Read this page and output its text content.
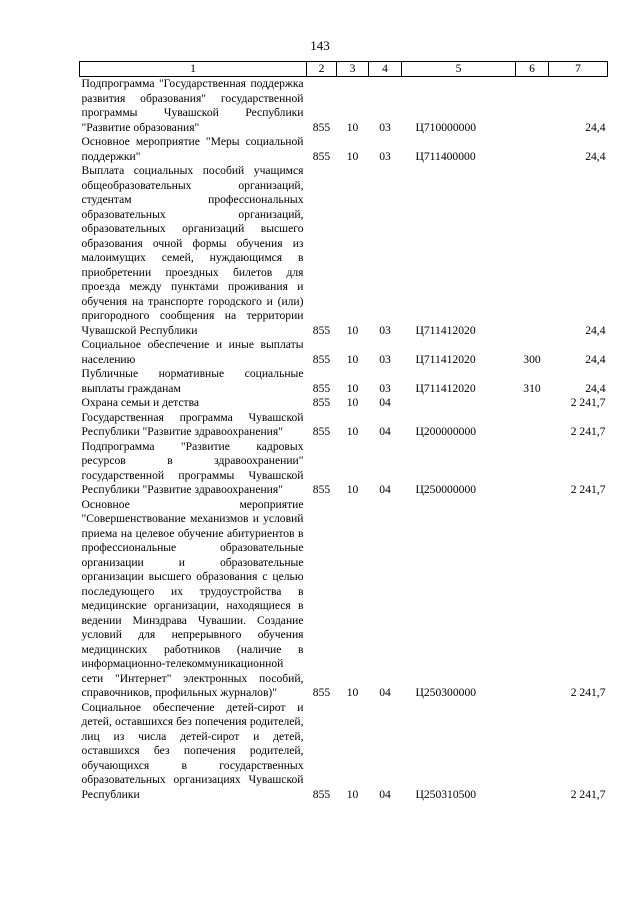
143
1	2	3	4	5	6	7
Подпрограмма "Государственная поддержка развития образования" государственной программы Чувашской Республики "Развитие образования"	855	10	03	Ц710000000		24,4
Основное мероприятие "Меры социальной поддержки"	855	10	03	Ц711400000		24,4
Выплата социальных пособий учащимся общеобразовательных организаций, студентам профессиональных образовательных организаций, образовательных организаций высшего образования очной формы обучения из малоимущих семей, нуждающимся в приобретении проездных билетов для проезда между пунктами проживания и обучения на транспорте городского и (или) пригородного сообщения на территории Чувашской Республики	855	10	03	Ц711412020		24,4
Социальное обеспечение и иные выплаты населению	855	10	03	Ц711412020	300	24,4
Публичные нормативные социальные выплаты гражданам	855	10	03	Ц711412020	310	24,4
Охрана семьи и детства	855	10	04			2 241,7
Государственная программа Чувашской Республики "Развитие здравоохранения"	855	10	04	Ц200000000		2 241,7
Подпрограмма "Развитие кадровых ресурсов в здравоохранении" государственной программы Чувашской Республики "Развитие здравоохранения"	855	10	04	Ц250000000		2 241,7
Основное мероприятие "Совершенствование механизмов и условий приема на целевое обучение абитуриентов в профессиональные образовательные организации и образовательные организации высшего образования с целью последующего их трудоустройства в медицинские организации, находящиеся в ведении Минздрава Чувашии. Создание условий для непрерывного обучения медицинских работников (наличие в информационно-телекоммуникационной сети "Интернет" электронных пособий, справочников, профильных журналов)"	855	10	04	Ц250300000		2 241,7
Социальное обеспечение детей-сирот и детей, оставшихся без попечения родителей, лиц из числа детей-сирот и детей, оставшихся без попечения родителей, обучающихся в государственных образовательных организациях Чувашской Республики	855	10	04	Ц250310500		2 241,7
